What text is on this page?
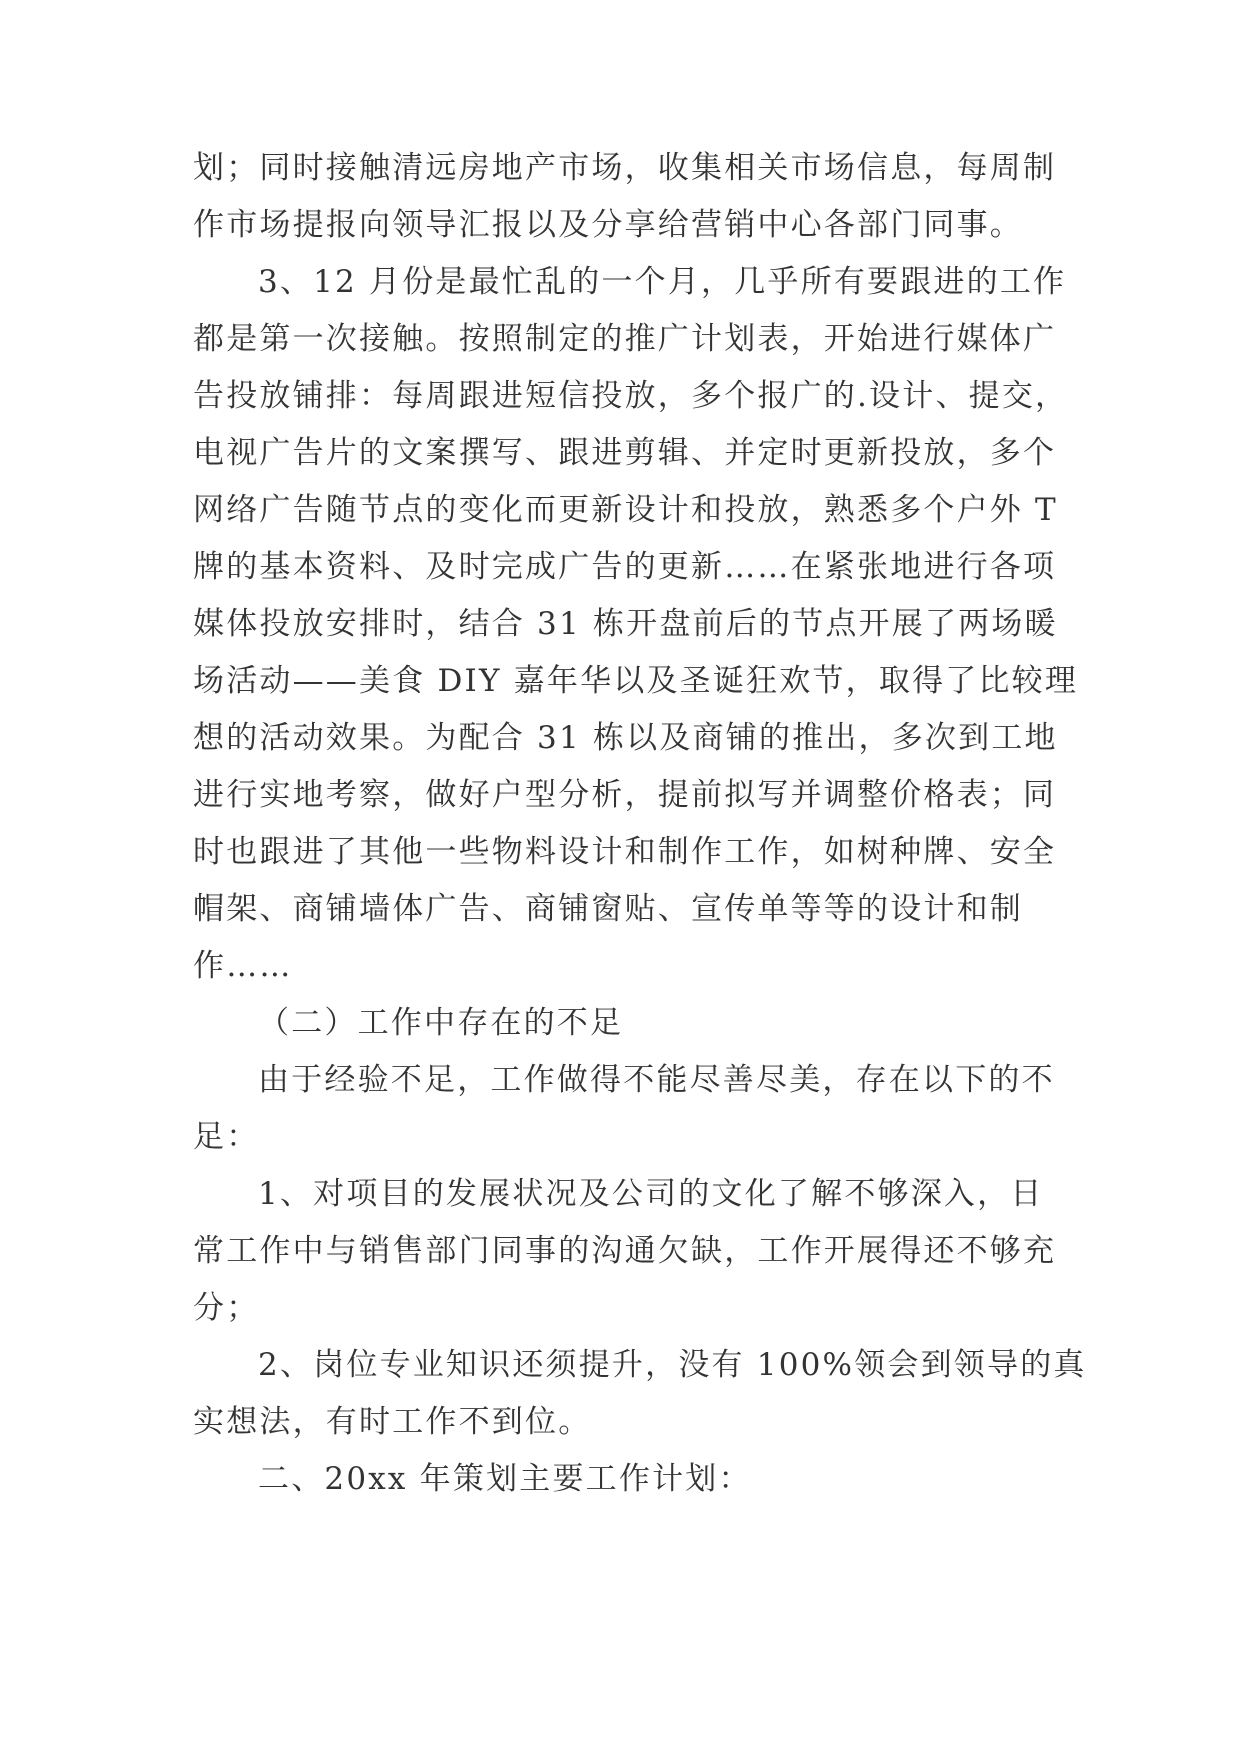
划；同时接触清远房地产市场，收集相关市场信息，每周制
作市场提报向领导汇报以及分享给营销中心各部门同事。
3、12 月份是最忙乱的一个月，几乎所有要跟进的工作
都是第一次接触。按照制定的推广计划表，开始进行媒体广
告投放铺排：每周跟进短信投放，多个报广的.设计、提交，
电视广告片的文案撰写、跟进剪辑、并定时更新投放，多个
网络广告随节点的变化而更新设计和投放，熟悉多个户外 T
牌的基本资料、及时完成广告的更新……在紧张地进行各项
媒体投放安排时，结合 31 栋开盘前后的节点开展了两场暖
场活动——美食 DIY 嘉年华以及圣诞狂欢节，取得了比较理
想的活动效果。为配合 31 栋以及商铺的推出，多次到工地
进行实地考察，做好户型分析，提前拟写并调整价格表；同
时也跟进了其他一些物料设计和制作工作，如树种牌、安全
帽架、商铺墙体广告、商铺窗贴、宣传单等等的设计和制
作……
（二）工作中存在的不足
由于经验不足，工作做得不能尽善尽美，存在以下的不
足：
1、对项目的发展状况及公司的文化了解不够深入，日
常工作中与销售部门同事的沟通欠缺，工作开展得还不够充
分；
2、岗位专业知识还须提升，没有 100%领会到领导的真
实想法，有时工作不到位。
二、20xx 年策划主要工作计划：
